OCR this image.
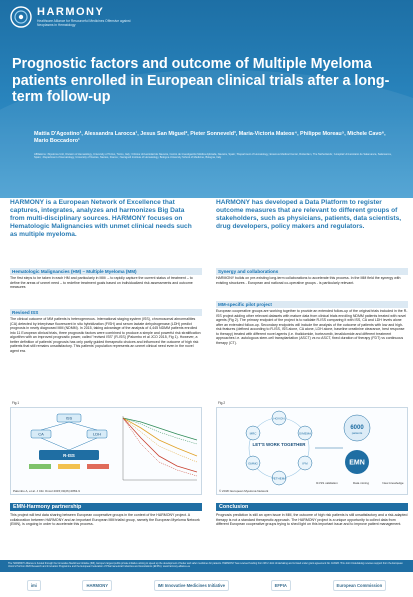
HARMONY
Healthcare Alliance for Resourceful Medicines Offensive against Neoplasms in Hematology
Prognostic factors and outcome of Multiple Myeloma patients enrolled in European clinical trials after a long-term follow-up
Mattia D'Agostino¹, Alessandra Larocca¹, Jesus San Miguel², Pieter Sonneveld³, Maria-Victoria Mateos⁴, Philippe Moreau⁵, Michele Cavo⁶, Mario Boccadoro¹
Affiliations: ¹Myeloma Unit, Division of Hematology, University of Torino, Torino, Italy; ²Clínica Universidad de Navarra, Centro de Investigación Médica Aplicada, Navarra, Spain; ³Department of Hematology, Erasmus Medical Center, Rotterdam, The Netherlands; ⁴Hospital Universitario de Salamanca, Salamanca, Spain; ⁵Department of Hematology, University of Nantes, Nantes, France; ⁶Seràgnoli Institute of Hematology, Bologna University School of Medicine, Bologna, Italy
HARMONY is a European Network of Excellence that captures, integrates, analyzes and harmonizes Big Data from multi-disciplinary sources. HARMONY focuses on Hematologic Malignancies with unmet clinical needs such as multiple myeloma.
HARMONY has developed a Data Platform to register outcome measures that are relevant to different groups of stakeholders, such as physicians, patients, data scientists, drug developers, policy makers and regulators.
Hematologic Malignancies (HM) – Multiple Myeloma (MM)
The first steps to be taken in each HM and particularly in MM: – to rapidly capture the current status of treatment – to define the areas of unmet need – to redefine treatment goals based on individualized risk assessments and outcome measures
Revised ISS
The clinical outcome of MM patients is heterogeneous. International staging system (ISS), chromosomal abnormalities (CA) detected by interphase fluorescent in situ hybridization (FISH) and serum lactate dehydrogenase (LDH) predict prognosis in newly diagnosed MM (NDMM). In 2015, taking advantage of the analysis of 4,445 NDMM patients enrolled into 11 European clinical trials, three prognostic factors were combined to produce a simple and powerful risk stratification algorithm with an improved prognostic power, called "revised ISS" (R-ISS) (Palumbo et al JCO 2015, Fig 1). However, a better definition of patients' prognosis has only partly guided therapeutic choices and influenced the outcome of high risk patients that still remains unsatisfactory. This patients' population represents an unmet clinical need even in the novel agent era.
Synergy and collaborations
HARMONY builds on pre-existing long-term collaborations to accelerate this process. In the MM field the synergy with existing structures - European and national co-operative groups - is particularly relevant.
MM-specific pilot project
European cooperative groups are working together to provide an extended follow-up of the original trials included in the R-ISS project adding other relevant datasets with mature data from clinical trials enrolling NDMM patients treated with novel agents (Fig 2). The primary endpoint of the project is to validate R-ISS comparing it with ISS, CA and LDH levels alone after an extended follow-up. Secondary endpoints will include the analysis of the outcome of patients with low and high-risk features (defined according to R-ISS, ISS alone, CA alone, LDH alone, baseline creatinine clearance, best response to therapy) treated with different novel agents (i.e. thalidomide, bortezomib, lenalidomide and different treatment approaches i.e. autologous stem-cell transplantation (ASCT) vs no ASCT, fixed duration of therapy (FDT) vs continuous therapy (CT).
Fig.1
ISS
CA	LDH
R-ISS
Palumbo A, et al. J Clin Oncol 2015;33(26):2863-9
Fig.2
HOVON
GIMEMA
IFM
PETHEMA
GMMG
MRC
LET'S WORK TOGETHER
6000
patients
EMN
R-ISS validation	Data mining	New knowledge
© 2018: European Myeloma Network
EMN-Harmony partnership
This project will test data sharing between European cooperative groups in the context of the HARMONY project. A collaboration between HARMONY and an important European MM trialist group, namely the European Myeloma Network (EMN), is ongoing in order to accelerate this process.
Conclusion
Prognosis prediction is still an open issue in MM, the outcome of high risk patients is still unsatisfactory and a risk-adapted therapy is not a standard therapeutic approach. The HARMONY project is a unique opportunity to collect data from different European cooperative groups trying to shed light on this important issue and to improve patient management.
The HARMONY Alliance is funded through the Innovative Medicines Initiative (IMI), Europe's largest public-private initiative aiming to speed up the development of better and safer medicines for patients. HARMONY has received funding from IMI 2 Joint Undertaking and is listed under grant agreement No. 116026. This Joint Undertaking receives support from the European Union's Horizon 2020 Research and Innovation Programme and the European Federation of Pharmaceutical Industries and Associations (EFPIA). www.harmony-alliance.eu
imi	HARMONY	IMI Innovative Medicines Initiative	EFPIA	European Commission
